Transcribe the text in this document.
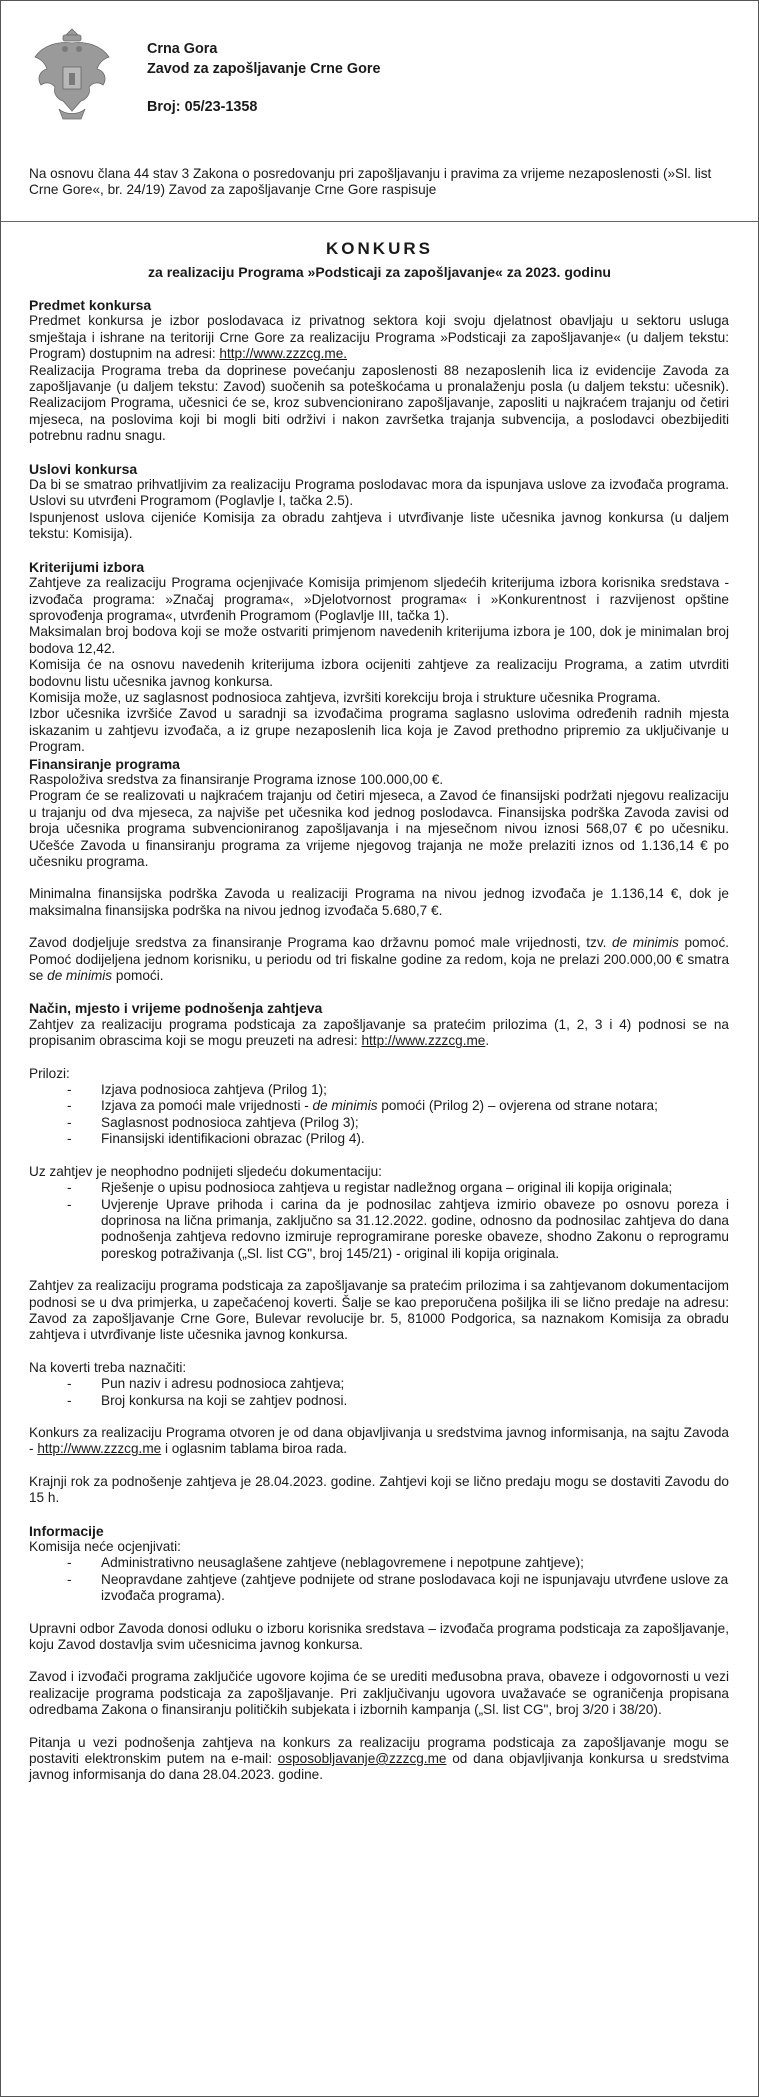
Crna Gora
Zavod za zapošljavanje Crne Gore
Broj: 05/23-1358

Na osnovu člana 44 stav 3 Zakona o posredovanju pri zapošljavanju i pravima za vrijeme nezaposlenosti (»Sl. list Crne Gore«, br. 24/19) Zavod za zapošljavanje Crne Gore raspisuje

KONKURS
za realizaciju Programa »Podsticaji za zapošljavanje« za 2023. godinu
Predmet konkursa

Predmet konkursa je izbor poslodavaca iz privatnog sektora koji svoju djelatnost obavljaju u sektoru usluga smještaja i ishrane na teritoriji Crne Gore za realizaciju Programa »Podsticaji za zapošljavanje« (u daljem tekstu: Program) dostupnim na adresi: http://www.zzzcg.me.

Realizacija Programa treba da doprinese povećanju zaposlenosti 88 nezaposlenih lica iz evidencije Zavoda za zapošljavanje (u daljem tekstu: Zavod) suočenih sa poteškoćama u pronalaženju posla (u daljem tekstu: učesnik). Realizacijom Programa, učesnici će se, kroz subvencionirano zapošljavanje, zaposliti u najkraćem trajanju od četiri mjeseca, na poslovima koji bi mogli biti održivi i nakon završetka trajanja subvencija, a poslodavci obezbijediti potrebnu radnu snagu.

Uslovi konkursa

Da bi se smatrao prihvatljivim za realizaciju Programa poslodavac mora da ispunjava uslove za izvođača programa. Uslovi su utvrđeni Programom (Poglavlje I, tačka 2.5).

Ispunjenost uslova cijeniće Komisija za obradu zahtjeva i utvrđivanje liste učesnika javnog konkursa (u daljem tekstu: Komisija).

Kriterijumi izbora

Zahtjeve za realizaciju Programa ocjenjivaće Komisija primjenom sljedećih kriterijuma izbora korisnika sredstava - izvođača programa: »Značaj programa«, »Djelotvornost programa« i »Konkurentnost i razvijenost opštine sprovođenja programa«, utvrđenih Programom (Poglavlje III, tačka 1).

Maksimalan broj bodova koji se može ostvariti primjenom navedenih kriterijuma izbora je 100, dok je minimalan broj bodova 12,42.

Komisija će na osnovu navedenih kriterijuma izbora ocijeniti zahtjeve za realizaciju Programa, a zatim utvrditi bodovnu listu učesnika javnog konkursa.

Komisija može, uz saglasnost podnosioca zahtjeva, izvršiti korekciju broja i strukture učesnika Programa.

Izbor učesnika izvršiće Zavod u saradnji sa izvođačima programa saglasno uslovima određenih radnih mjesta iskazanim u zahtjevu izvođača, a iz grupe nezaposlenih lica koja je Zavod prethodno pripremio za uključivanje u Program.

Finansiranje programa

Raspoloživa sredstva za finansiranje Programa iznose 100.000,00 €.

Program će se realizovati u najkraćem trajanju od četiri mjeseca, a Zavod će finansijski podržati njegovu realizaciju u trajanju od dva mjeseca, za najviše pet učesnika kod jednog poslodavca. Finansijska podrška Zavoda zavisi od broja učesnika programa subvencioniranog zapošljavanja i na mjesečnom nivou iznosi 568,07 € po učesniku. Učešće Zavoda u finansiranju programa za vrijeme njegovog trajanja ne može prelaziti iznos od 1.136,14 € po učesniku programa.

Minimalna finansijska podrška Zavoda u realizaciji Programa na nivou jednog izvođača je 1.136,14 €, dok je maksimalna finansijska podrška na nivou jednog izvođača 5.680,7 €.

Zavod dodjeljuje sredstva za finansiranje Programa kao državnu pomoć male vrijednosti, tzv. de minimis pomoć. Pomoć dodijeljena jednom korisniku, u periodu od tri fiskalne godine za redom, koja ne prelazi 200.000,00 € smatra se de minimis pomoći.

Način, mjesto i vrijeme podnošenja zahtjeva

Zahtjev za realizaciju programa podsticaja za zapošljavanje sa pratećim prilozima (1, 2, 3 i 4) podnosi se na propisanim obrascima koji se mogu preuzeti na adresi: http://www.zzzcg.me.

Prilozi:

- Izjava podnosioca zahtjeva (Prilog 1);
- Izjava za pomoći male vrijednosti - de minimis pomoći (Prilog 2) – ovjerena od strane notara;
- Saglasnost podnosioca zahtjeva (Prilog 3);
- Finansijski identifikacioni obrazac (Prilog 4).

Uz zahtjev je neophodno podnijeti sljedeću dokumentaciju:

- Rješenje o upisu podnosioca zahtjeva u registar nadležnog organa – original ili kopija originala;
- Uvjerenje Uprave prihoda i carina da je podnosilac zahtjeva izmirio obaveze po osnovu poreza i doprinosa na lična primanja, zaključno sa 31.12.2022. godine, odnosno da podnosilac zahtjeva do dana podnošenja zahtjeva redovno izmiruje reprogramirane poreske obaveze, shodno Zakonu o reprogramu poreskog potraživanja („Sl. list CG", broj 145/21) - original ili kopija originala.

Zahtjev za realizaciju programa podsticaja za zapošljavanje sa pratećim prilozima i sa zahtjevanom dokumentacijom podnosi se u dva primjerka, u zapečaćenoj koverti. Šalje se kao preporučena pošiljka ili se lično predaje na adresu: Zavod za zapošljavanje Crne Gore, Bulevar revolucije br. 5, 81000 Podgorica, sa naznakom Komisija za obradu zahtjeva i utvrđivanje liste učesnika javnog konkursa.

Na koverti treba naznačiti:

- Pun naziv i adresu podnosioca zahtjeva;
- Broj konkursa na koji se zahtjev podnosi.

Konkurs za realizaciju Programa otvoren je od dana objavljivanja u sredstvima javnog informisanja, na sajtu Zavoda - http://www.zzzcg.me i oglasnim tablama biroa rada.

Krajnji rok za podnošenje zahtjeva je 28.04.2023. godine. Zahtjevi koji se lično predaju mogu se dostaviti Zavodu do 15 h.

Informacije

Komisija neće ocjenjivati:

- Administrativno neusaglašene zahtjeve (neblagovremene i nepotpune zahtjeve);
- Neopravdane zahtjeve (zahtjeve podnijete od strane poslodavaca koji ne ispunjavaju utvrđene uslove za izvođača programa).

Upravni odbor Zavoda donosi odluku o izboru korisnika sredstava – izvođača programa podsticaja za zapošljavanje, koju Zavod dostavlja svim učesnicima javnog konkursa.

Zavod i izvođači programa zaključiće ugovore kojima će se urediti međusobna prava, obaveze i odgovornosti u vezi realizacije programa podsticaja za zapošljavanje. Pri zaključivanju ugovora uvažavaće se ograničenja propisana odredbama Zakona o finansiranju političkih subjekata i izbornih kampanja („Sl. list CG", broj 3/20 i 38/20).

Pitanja u vezi podnošenja zahtjeva na konkurs za realizaciju programa podsticaja za zapošljavanje mogu se postaviti elektronskim putem na e-mail: osposobljavanje@zzzcg.me od dana objavljivanja konkursa u sredstvima javnog informisanja do dana 28.04.2023. godine.
